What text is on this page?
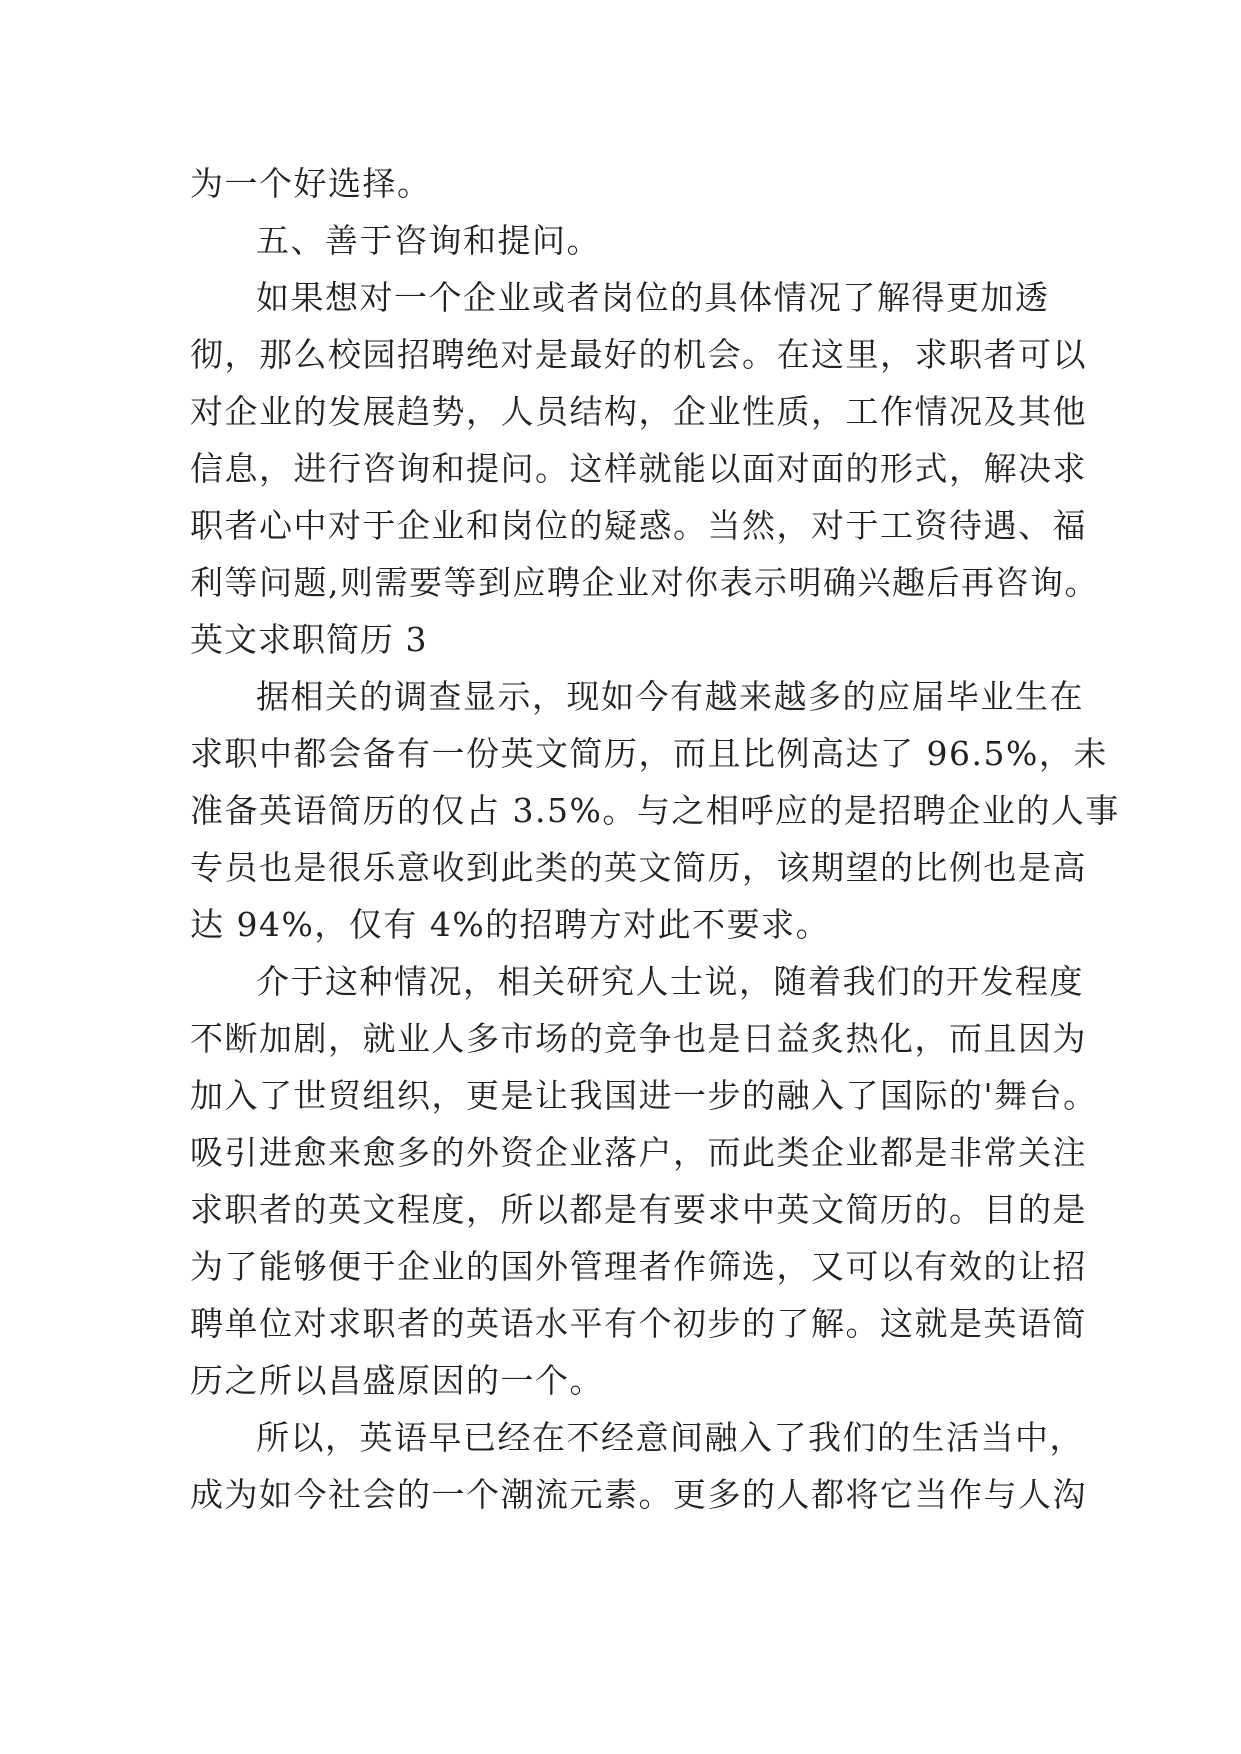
为一个好选择。
五、善于咨询和提问。
如果想对一个企业或者岗位的具体情况了解得更加透
彻，那么校园招聘绝对是最好的机会。在这里，求职者可以
对企业的发展趋势，人员结构，企业性质，工作情况及其他
信息，进行咨询和提问。这样就能以面对面的形式，解决求
职者心中对于企业和岗位的疑惑。当然，对于工资待遇、福
利等问题,则需要等到应聘企业对你表示明确兴趣后再咨询。
英文求职简历 3
据相关的调查显示，现如今有越来越多的应届毕业生在
求职中都会备有一份英文简历，而且比例高达了 96.5%，未
准备英语简历的仅占 3.5%。与之相呼应的是招聘企业的人事
专员也是很乐意收到此类的英文简历，该期望的比例也是高
达 94%，仅有 4%的招聘方对此不要求。
介于这种情况，相关研究人士说，随着我们的开发程度
不断加剧，就业人多市场的竞争也是日益炙热化，而且因为
加入了世贸组织，更是让我国进一步的融入了国际的'舞台。
吸引进愈来愈多的外资企业落户，而此类企业都是非常关注
求职者的英文程度，所以都是有要求中英文简历的。目的是
为了能够便于企业的国外管理者作筛选，又可以有效的让招
聘单位对求职者的英语水平有个初步的了解。这就是英语简
历之所以昌盛原因的一个。
所以，英语早已经在不经意间融入了我们的生活当中，
成为如今社会的一个潮流元素。更多的人都将它当作与人沟
